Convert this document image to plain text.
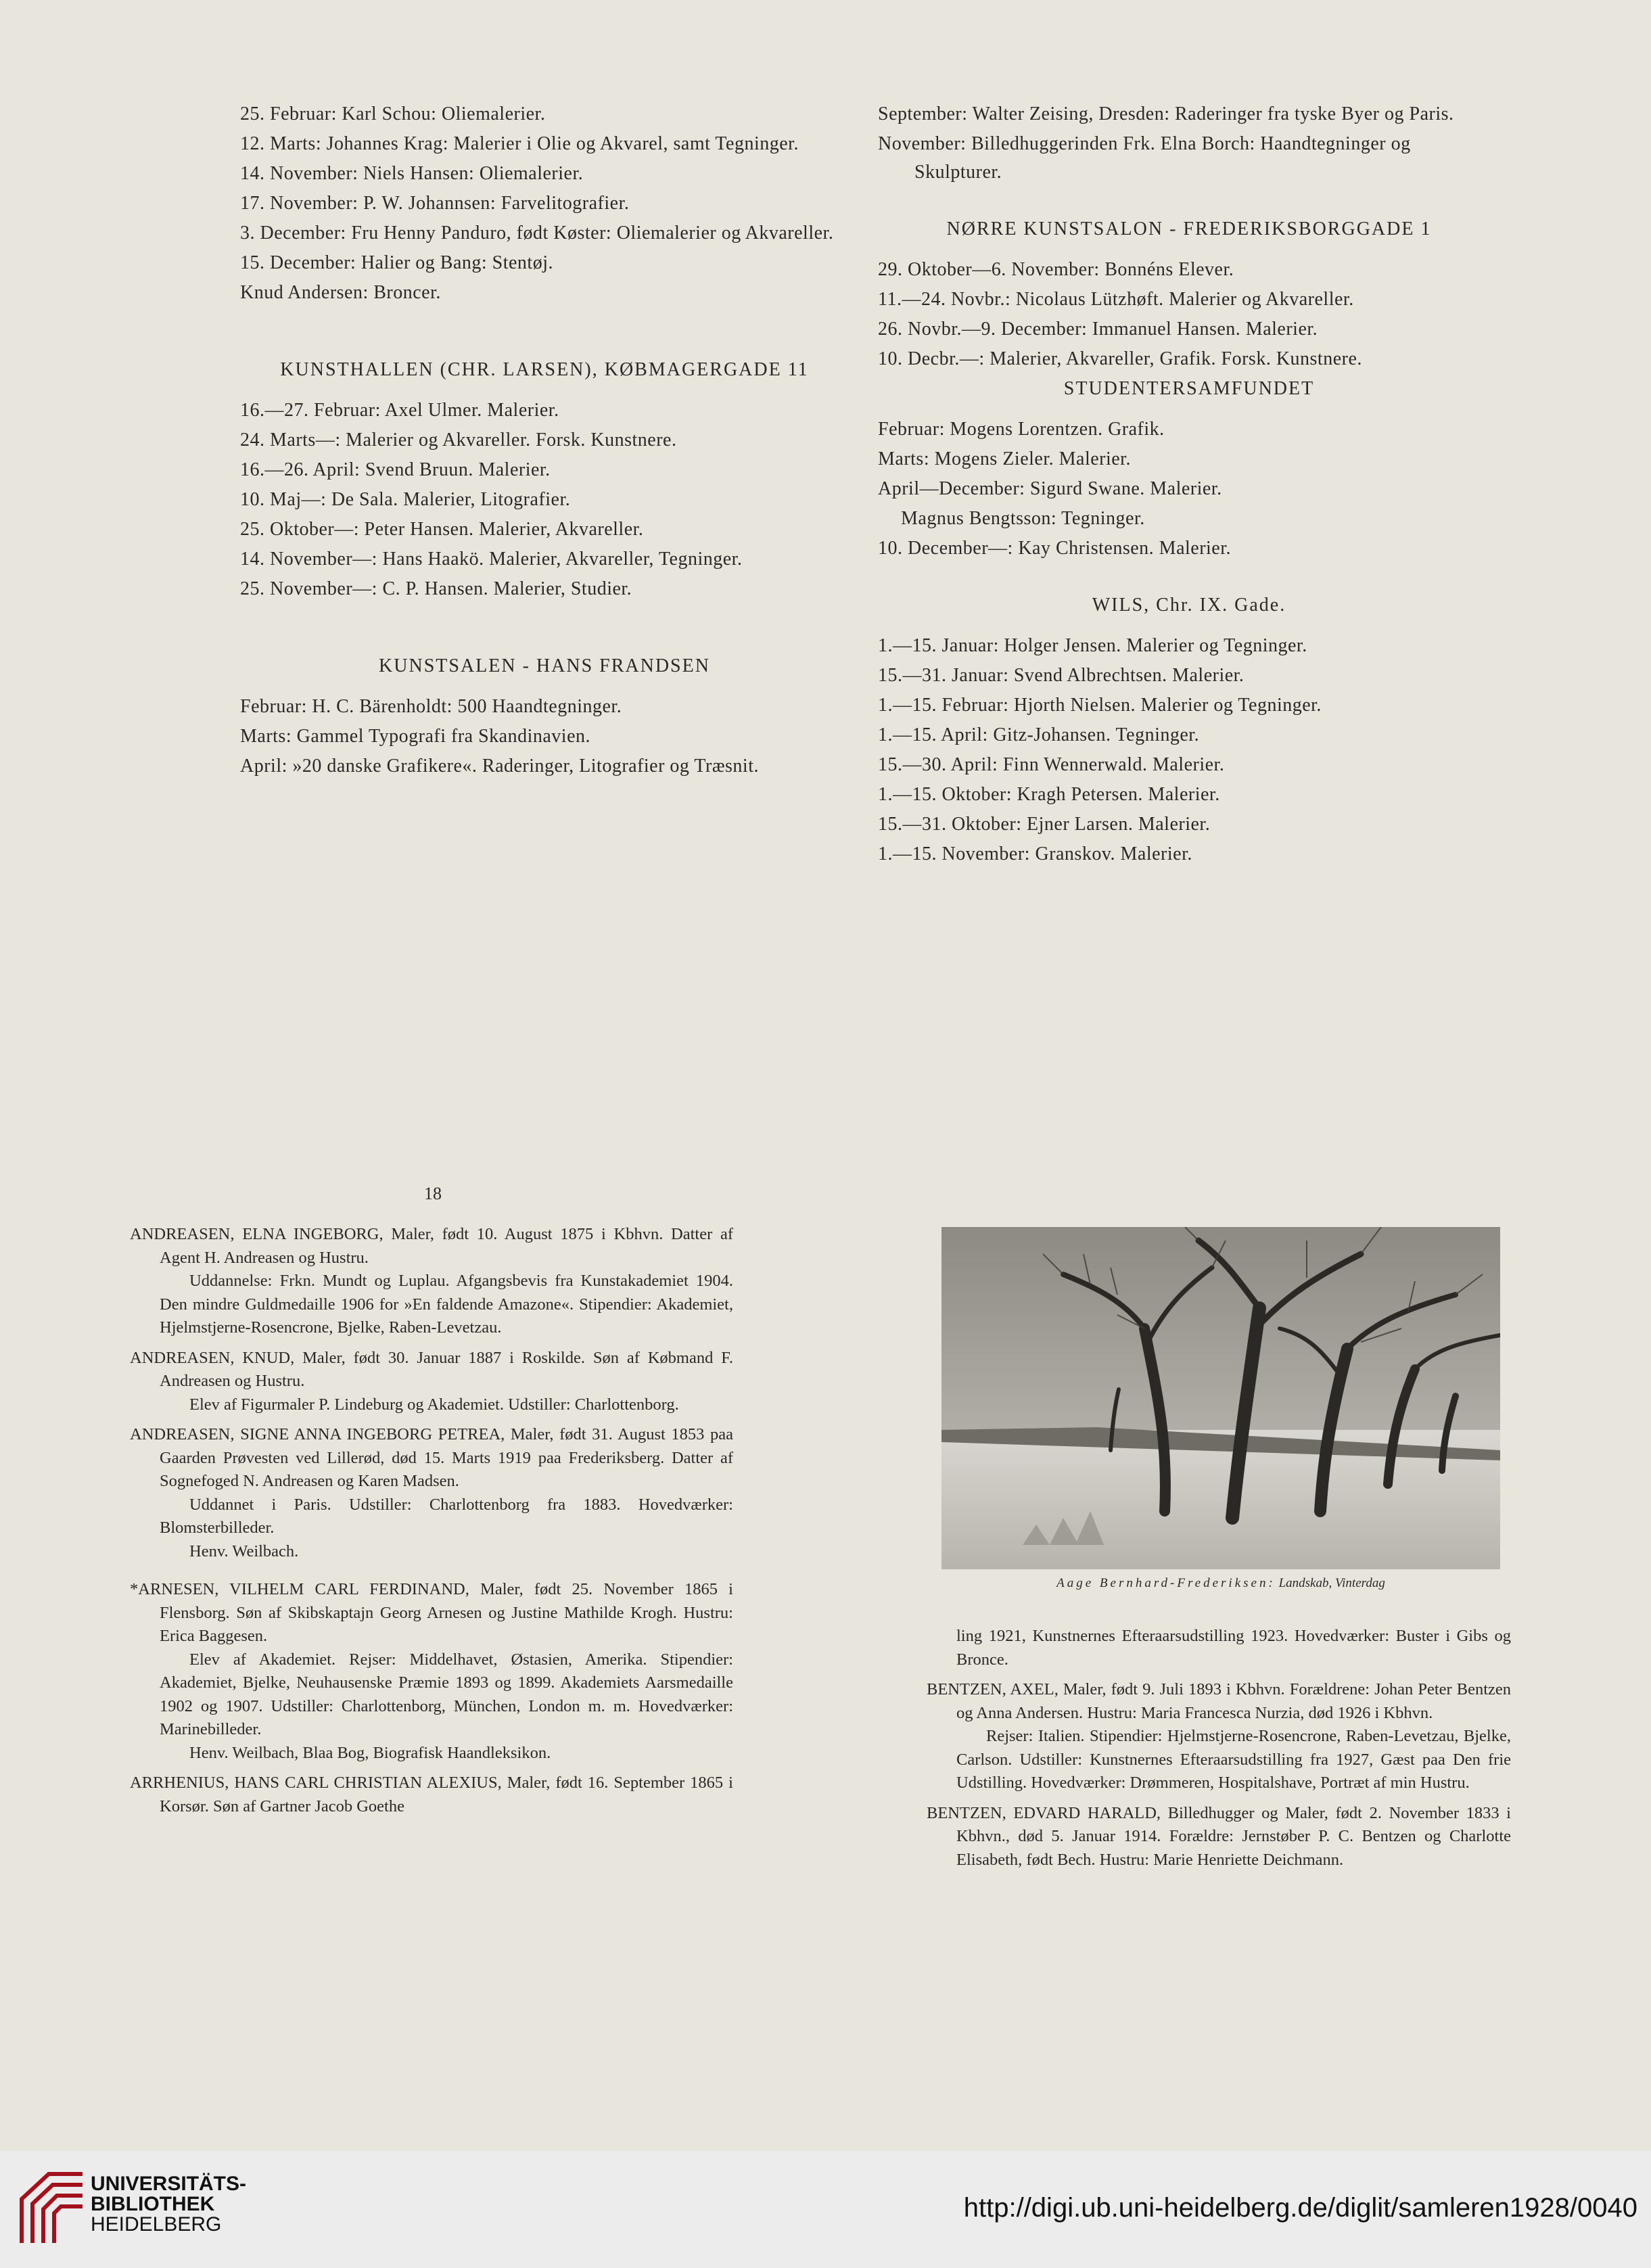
25. Februar: Karl Schou: Oliemalerier.

12. Marts: Johannes Krag: Malerier i Olie og Akvarel, samt Tegninger.

14. November: Niels Hansen: Oliemalerier.

17. November: P. W. Johannsen: Farvelitografier.

3. December: Fru Henny Panduro, født Køster: Oliemalerier og Akvareller.

15. December: Halier og Bang: Stentøj.

Knud Andersen: Broncer.

KUNSTHALLEN (CHR. LARSEN), KØBMAGERGADE 11

16.—27. Februar: Axel Ulmer. Malerier.

24. Marts—: Malerier og Akvareller. Forsk. Kunstnere.

16.—26. April: Svend Bruun. Malerier.

10. Maj—: De Sala. Malerier, Litografier.

25. Oktober—: Peter Hansen. Malerier, Akvareller.

14. November—: Hans Haakö. Malerier, Akvareller, Tegninger.

25. November—: C. P. Hansen. Malerier, Studier.

KUNSTSALEN - HANS FRANDSEN

Februar: H. C. Bärenholdt: 500 Haandtegninger.

Marts: Gammel Typografi fra Skandinavien.

April: »20 danske Grafikere«. Raderinger, Litografier og Træsnit.

September: Walter Zeising, Dresden: Raderinger fra tyske Byer og Paris.

November: Billedhuggerinden Frk. Elna Borch: Haandtegninger og Skulpturer.

NØRRE KUNSTSALON - FREDERIKSBORGGADE 1

29. Oktober—6. November: Bonnéns Elever.

11.—24. Novbr.: Nicolaus Lützhøft. Malerier og Akvareller.

26. Novbr.—9. December: Immanuel Hansen. Malerier.

10. Decbr.—: Malerier, Akvareller, Grafik. Forsk. Kunstnere.

STUDENTERSAMFUNDET

Februar: Mogens Lorentzen. Grafik.

Marts: Mogens Zieler. Malerier.

April—December: Sigurd Swane. Malerier.

Magnus Bengtsson: Tegninger.

10. December—: Kay Christensen. Malerier.

WILS, Chr. IX. Gade.

1.—15. Januar: Holger Jensen. Malerier og Tegninger.

15.—31. Januar: Svend Albrechtsen. Malerier.

1.—15. Februar: Hjorth Nielsen. Malerier og Tegninger.

1.—15. April: Gitz-Johansen. Tegninger.

15.—30. April: Finn Wennerwald. Malerier.

1.—15. Oktober: Kragh Petersen. Malerier.

15.—31. Oktober: Ejner Larsen. Malerier.

1.—15. November: Granskov. Malerier.

18

ANDREASEN, ELNA INGEBORG, Maler, født 10. August 1875 i Kbhvn. Datter af Agent H. Andreasen og Hustru.

Uddannelse: Frkn. Mundt og Luplau. Afgangsbevis fra Kunstakademiet 1904. Den mindre Guldmedaille 1906 for »En faldende Amazone«. Stipendier: Akademiet, Hjelmstjerne-Rosencrone, Bjelke, Raben-Levetzau.

ANDREASEN, KNUD, Maler, født 30. Januar 1887 i Roskilde. Søn af Købmand F. Andreasen og Hustru.

Elev af Figurmaler P. Lindeburg og Akademiet. Udstiller: Charlottenborg.

ANDREASEN, SIGNE ANNA INGEBORG PETREA, Maler, født 31. August 1853 paa Gaarden Prøvesten ved Lillerød, død 15. Marts 1919 paa Frederiksberg. Datter af Sognefoged N. Andreasen og Karen Madsen.

Uddannet i Paris. Udstiller: Charlottenborg fra 1883. Hovedværker: Blomsterbilleder.

Henv. Weilbach.

*ARNESEN, VILHELM CARL FERDINAND, Maler, født 25. November 1865 i Flensborg. Søn af Skibskaptajn Georg Arnesen og Justine Mathilde Krogh. Hustru: Erica Baggesen.

Elev af Akademiet. Rejser: Middelhavet, Østasien, Amerika. Stipendier: Akademiet, Bjelke, Neuhausenske Præmie 1893 og 1899. Akademiets Aarsmedaille 1902 og 1907. Udstiller: Charlottenborg, München, London m. m. Hovedværker: Marinebilleder.

Henv. Weilbach, Blaa Bog, Biografisk Haandleksikon.

ARRHENIUS, HANS CARL CHRISTIAN ALEXIUS, Maler, født 16. September 1865 i Korsør. Søn af Gartner Jacob Goethe

Aage Bernhard-Frederiksen: Landskab, Vinterdag

ling 1921, Kunstnernes Efteraarsudstilling 1923. Hovedværker: Buster i Gibs og Bronce.

BENTZEN, AXEL, Maler, født 9. Juli 1893 i Kbhvn. Forældrene: Johan Peter Bentzen og Anna Andersen. Hustru: Maria Francesca Nurzia, død 1926 i Kbhvn.

Rejser: Italien. Stipendier: Hjelmstjerne-Rosencrone, Raben-Levetzau, Bjelke, Carlson. Udstiller: Kunstnernes Efteraarsudstilling fra 1927, Gæst paa Den frie Udstilling. Hovedværker: Drømmeren, Hospitalshave, Portræt af min Hustru.

BENTZEN, EDVARD HARALD, Billedhugger og Maler, født 2. November 1833 i Kbhvn., død 5. Januar 1914. Forældre: Jernstøber P. C. Bentzen og Charlotte Elisabeth, født Bech. Hustru: Marie Henriette Deichmann.

UNIVERSITÄTS-
BIBLIOTHEK
HEIDELBERG
http://digi.ub.uni-heidelberg.de/diglit/samleren1928/0040
